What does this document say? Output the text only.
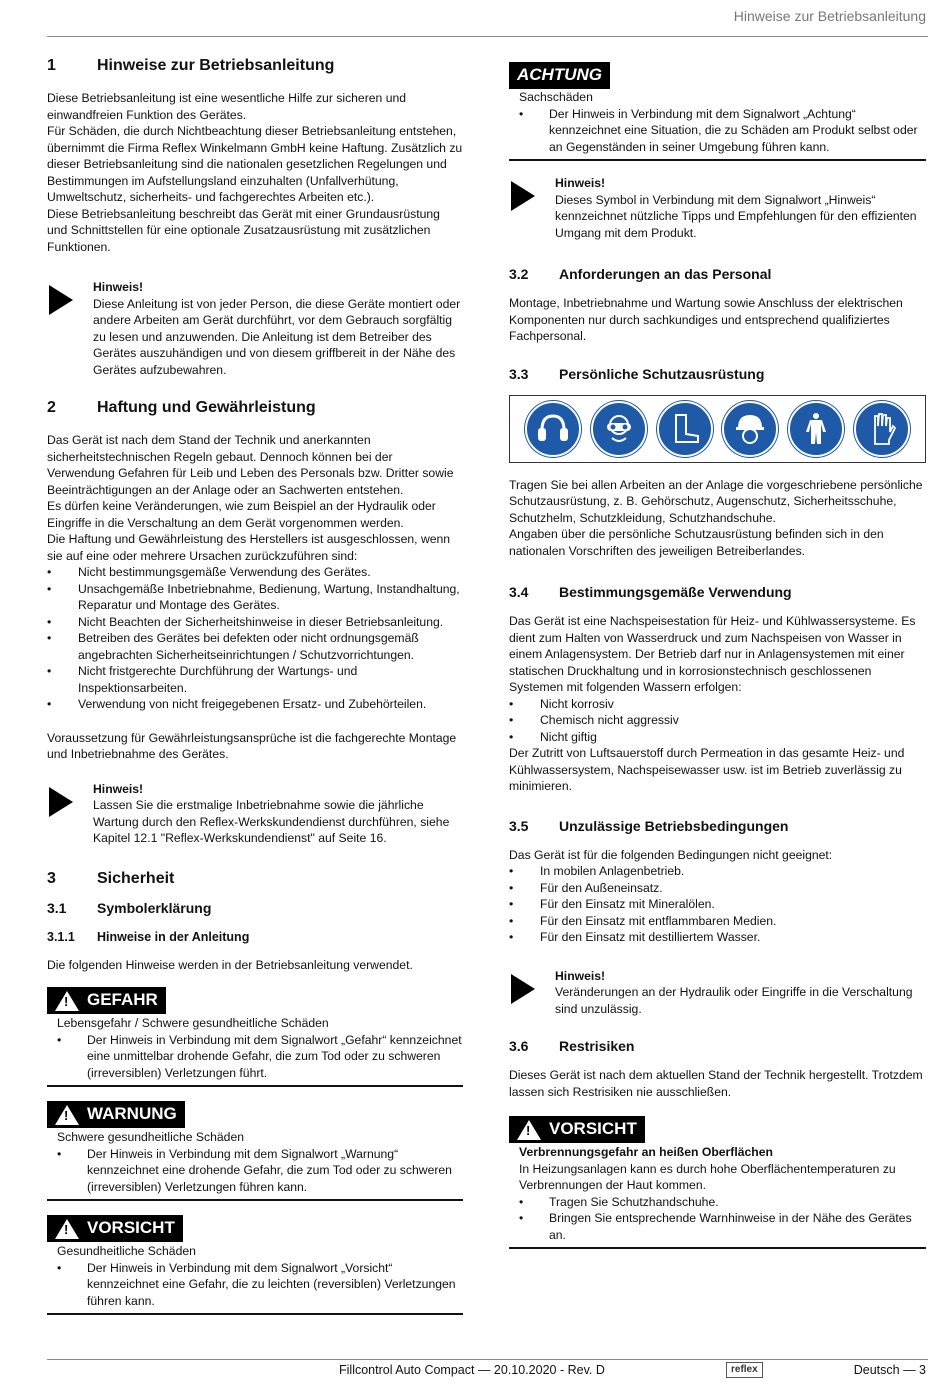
Hinweise zur Betriebsanleitung
1	Hinweise zur Betriebsanleitung

Diese Betriebsanleitung ist eine wesentliche Hilfe zur sicheren und einwandfreien Funktion des Gerätes.

Für Schäden, die durch Nichtbeachtung dieser Betriebsanleitung entstehen, übernimmt die Firma Reflex Winkelmann GmbH keine Haftung. Zusätzlich zu dieser Betriebsanleitung sind die nationalen gesetzlichen Regelungen und Bestimmungen im Aufstellungsland einzuhalten (Unfallverhütung, Umweltschutz, sicherheits- und fachgerechtes Arbeiten etc.).

Diese Betriebsanleitung beschreibt das Gerät mit einer Grundausrüstung und Schnittstellen für eine optionale Zusatzausrüstung mit zusätzlichen Funktionen.

Hinweis!
Diese Anleitung ist von jeder Person, die diese Geräte montiert oder andere Arbeiten am Gerät durchführt, vor dem Gebrauch sorgfältig zu lesen und anzuwenden. Die Anleitung ist dem Betreiber des Gerätes auszuhändigen und von diesem griffbereit in der Nähe des Gerätes aufzubewahren.
2	Haftung und Gewährleistung

Das Gerät ist nach dem Stand der Technik und anerkannten sicherheitstechnischen Regeln gebaut. Dennoch können bei der Verwendung Gefahren für Leib und Leben des Personals bzw. Dritter sowie Beeinträchtigungen an der Anlage oder an Sachwerten entstehen.

Es dürfen keine Veränderungen, wie zum Beispiel an der Hydraulik oder Eingriffe in die Verschaltung an dem Gerät vorgenommen werden.

Die Haftung und Gewährleistung des Herstellers ist ausgeschlossen, wenn sie auf eine oder mehrere Ursachen zurückzuführen sind:

• Nicht bestimmungsgemäße Verwendung des Gerätes.
• Unsachgemäße Inbetriebnahme, Bedienung, Wartung, Instandhaltung, Reparatur und Montage des Gerätes.
• Nicht Beachten der Sicherheitshinweise in dieser Betriebsanleitung.
• Betreiben des Gerätes bei defekten oder nicht ordnungsgemäß angebrachten Sicherheitseinrichtungen / Schutzvorrichtungen.
• Nicht fristgerechte Durchführung der Wartungs- und Inspektionsarbeiten.
• Verwendung von nicht freigegebenen Ersatz- und Zubehörteilen.

Voraussetzung für Gewährleistungsansprüche ist die fachgerechte Montage und Inbetriebnahme des Gerätes.

Hinweis!
Lassen Sie die erstmalige Inbetriebnahme sowie die jährliche Wartung durch den Reflex-Werkskundendienst durchführen, siehe Kapitel 12.1 "Reflex-Werkskundendienst" auf Seite 16.
3	Sicherheit
3.1	Symbolerklärung
3.1.1	Hinweise in der Anleitung

Die folgenden Hinweise werden in der Betriebsanleitung verwendet.

! GEFAHR
Lebensgefahr / Schwere gesundheitliche Schäden
• Der Hinweis in Verbindung mit dem Signalwort „Gefahr“ kennzeichnet eine unmittelbar drohende Gefahr, die zum Tod oder zu schweren (irreversiblen) Verletzungen führt.
! WARNUNG
Schwere gesundheitliche Schäden
• Der Hinweis in Verbindung mit dem Signalwort „Warnung“ kennzeichnet eine drohende Gefahr, die zum Tod oder zu schweren (irreversiblen) Verletzungen führen kann.
! VORSICHT
Gesundheitliche Schäden
• Der Hinweis in Verbindung mit dem Signalwort „Vorsicht“ kennzeichnet eine Gefahr, die zu leichten (reversiblen) Verletzungen führen kann.
ACHTUNG
Sachschäden
• Der Hinweis in Verbindung mit dem Signalwort „Achtung“ kennzeichnet eine Situation, die zu Schäden am Produkt selbst oder an Gegenständen in seiner Umgebung führen kann.
Hinweis!
Dieses Symbol in Verbindung mit dem Signalwort „Hinweis“ kennzeichnet nützliche Tipps und Empfehlungen für den effizienten Umgang mit dem Produkt.
3.2	Anforderungen an das Personal

Montage, Inbetriebnahme und Wartung sowie Anschluss der elektrischen Komponenten nur durch sachkundiges und entsprechend qualifiziertes Fachpersonal.

3.3	Persönliche Schutzausrüstung

Tragen Sie bei allen Arbeiten an der Anlage die vorgeschriebene persönliche Schutzausrüstung, z. B. Gehörschutz, Augenschutz, Sicherheitsschuhe, Schutzhelm, Schutzkleidung, Schutzhandschuhe.

Angaben über die persönliche Schutzausrüstung befinden sich in den nationalen Vorschriften des jeweiligen Betreiberlandes.

3.4	Bestimmungsgemäße Verwendung

Das Gerät ist eine Nachspeisestation für Heiz- und Kühlwassersysteme. Es dient zum Halten von Wasserdruck und zum Nachspeisen von Wasser in einem Anlagensystem. Der Betrieb darf nur in Anlagensystemen mit einer statischen Druckhaltung und in korrosionstechnisch geschlossenen Systemen mit folgenden Wassern erfolgen:

• Nicht korrosiv
• Chemisch nicht aggressiv
• Nicht giftig

Der Zutritt von Luftsauerstoff durch Permeation in das gesamte Heiz- und Kühlwassersystem, Nachspeisewasser usw. ist im Betrieb zuverlässig zu minimieren.

3.5	Unzulässige Betriebsbedingungen

Das Gerät ist für die folgenden Bedingungen nicht geeignet:

• In mobilen Anlagenbetrieb.
• Für den Außeneinsatz.
• Für den Einsatz mit Mineralölen.
• Für den Einsatz mit entflammbaren Medien.
• Für den Einsatz mit destilliertem Wasser.
Hinweis!
Veränderungen an der Hydraulik oder Eingriffe in die Verschaltung sind unzulässig.
3.6	Restrisiken

Dieses Gerät ist nach dem aktuellen Stand der Technik hergestellt. Trotzdem lassen sich Restrisiken nie ausschließen.

! VORSICHT
Verbrennungsgefahr an heißen Oberflächen
In Heizungsanlagen kann es durch hohe Oberflächentemperaturen zu Verbrennungen der Haut kommen.
• Tragen Sie Schutzhandschuhe.
• Bringen Sie entsprechende Warnhinweise in der Nähe des Gerätes an.
Fillcontrol Auto Compact — 20.10.2020 - Rev. D	reflex	Deutsch — 3
